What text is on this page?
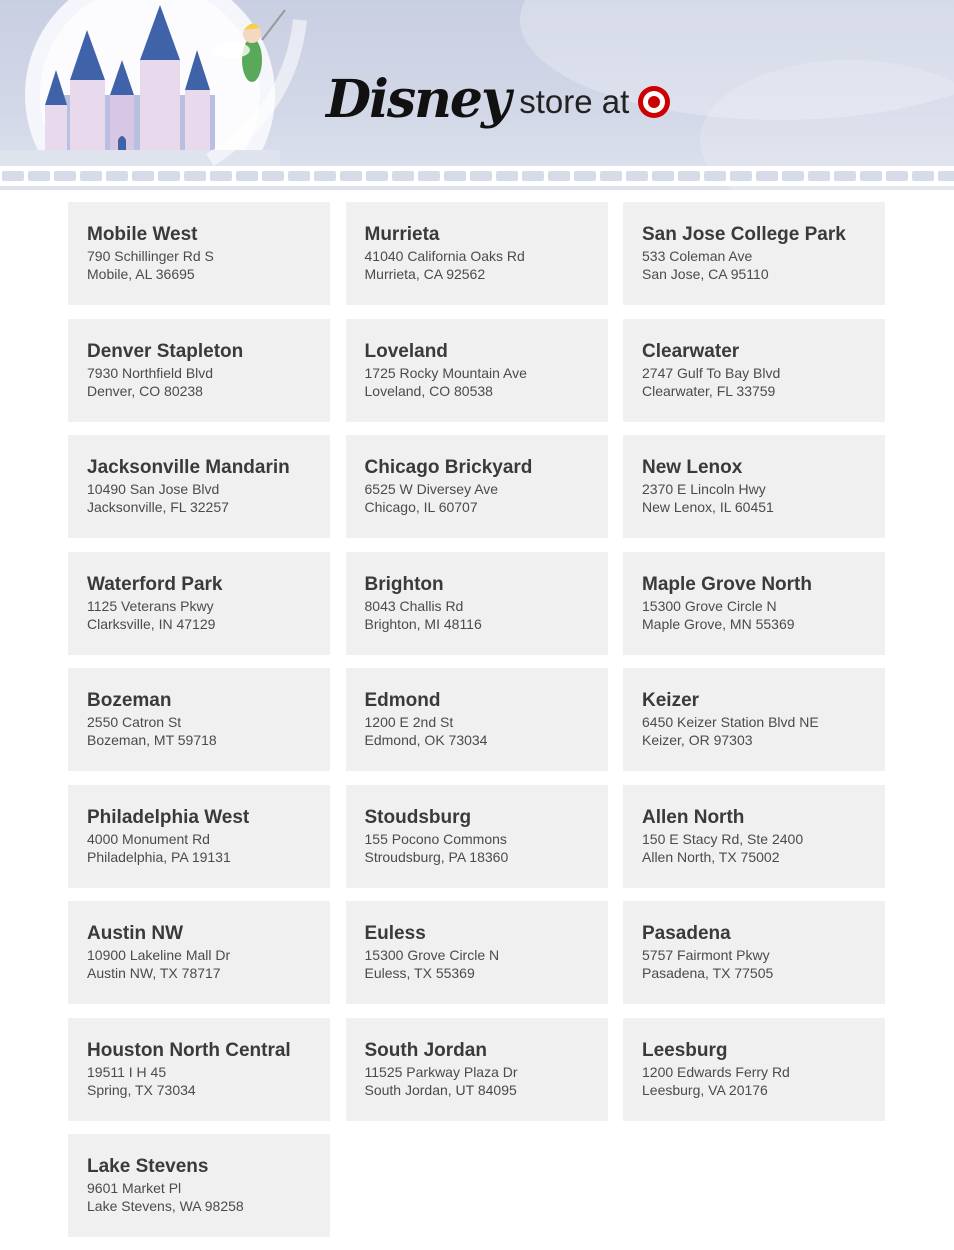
Disney store at
Mobile West
790 Schillinger Rd S
Mobile, AL 36695
Murrieta
41040 California Oaks Rd
Murrieta, CA 92562
San Jose College Park
533 Coleman Ave
San Jose, CA 95110
Denver Stapleton
7930 Northfield Blvd
Denver, CO 80238
Loveland
1725 Rocky Mountain Ave
Loveland, CO 80538
Clearwater
2747 Gulf To Bay Blvd
Clearwater, FL 33759
Jacksonville Mandarin
10490 San Jose Blvd
Jacksonville, FL 32257
Chicago Brickyard
6525 W Diversey Ave
Chicago, IL 60707
New Lenox
2370 E Lincoln Hwy
New Lenox, IL 60451
Waterford Park
1125 Veterans Pkwy
Clarksville, IN 47129
Brighton
8043 Challis Rd
Brighton, MI 48116
Maple Grove North
15300 Grove Circle N
Maple Grove, MN 55369
Bozeman
2550 Catron St
Bozeman, MT 59718
Edmond
1200 E 2nd St
Edmond, OK 73034
Keizer
6450 Keizer Station Blvd NE
Keizer, OR 97303
Philadelphia West
4000 Monument Rd
Philadelphia, PA 19131
Stoudsburg
155 Pocono Commons
Stroudsburg, PA 18360
Allen North
150 E Stacy Rd, Ste 2400
Allen North, TX 75002
Austin NW
10900 Lakeline Mall Dr
Austin NW, TX 78717
Euless
15300 Grove Circle N
Euless, TX 55369
Pasadena
5757 Fairmont Pkwy
Pasadena, TX 77505
Houston North Central
19511 I H 45
Spring, TX 73034
South Jordan
11525 Parkway Plaza Dr
South Jordan, UT 84095
Leesburg
1200 Edwards Ferry Rd
Leesburg, VA 20176
Lake Stevens
9601 Market Pl
Lake Stevens, WA 98258
